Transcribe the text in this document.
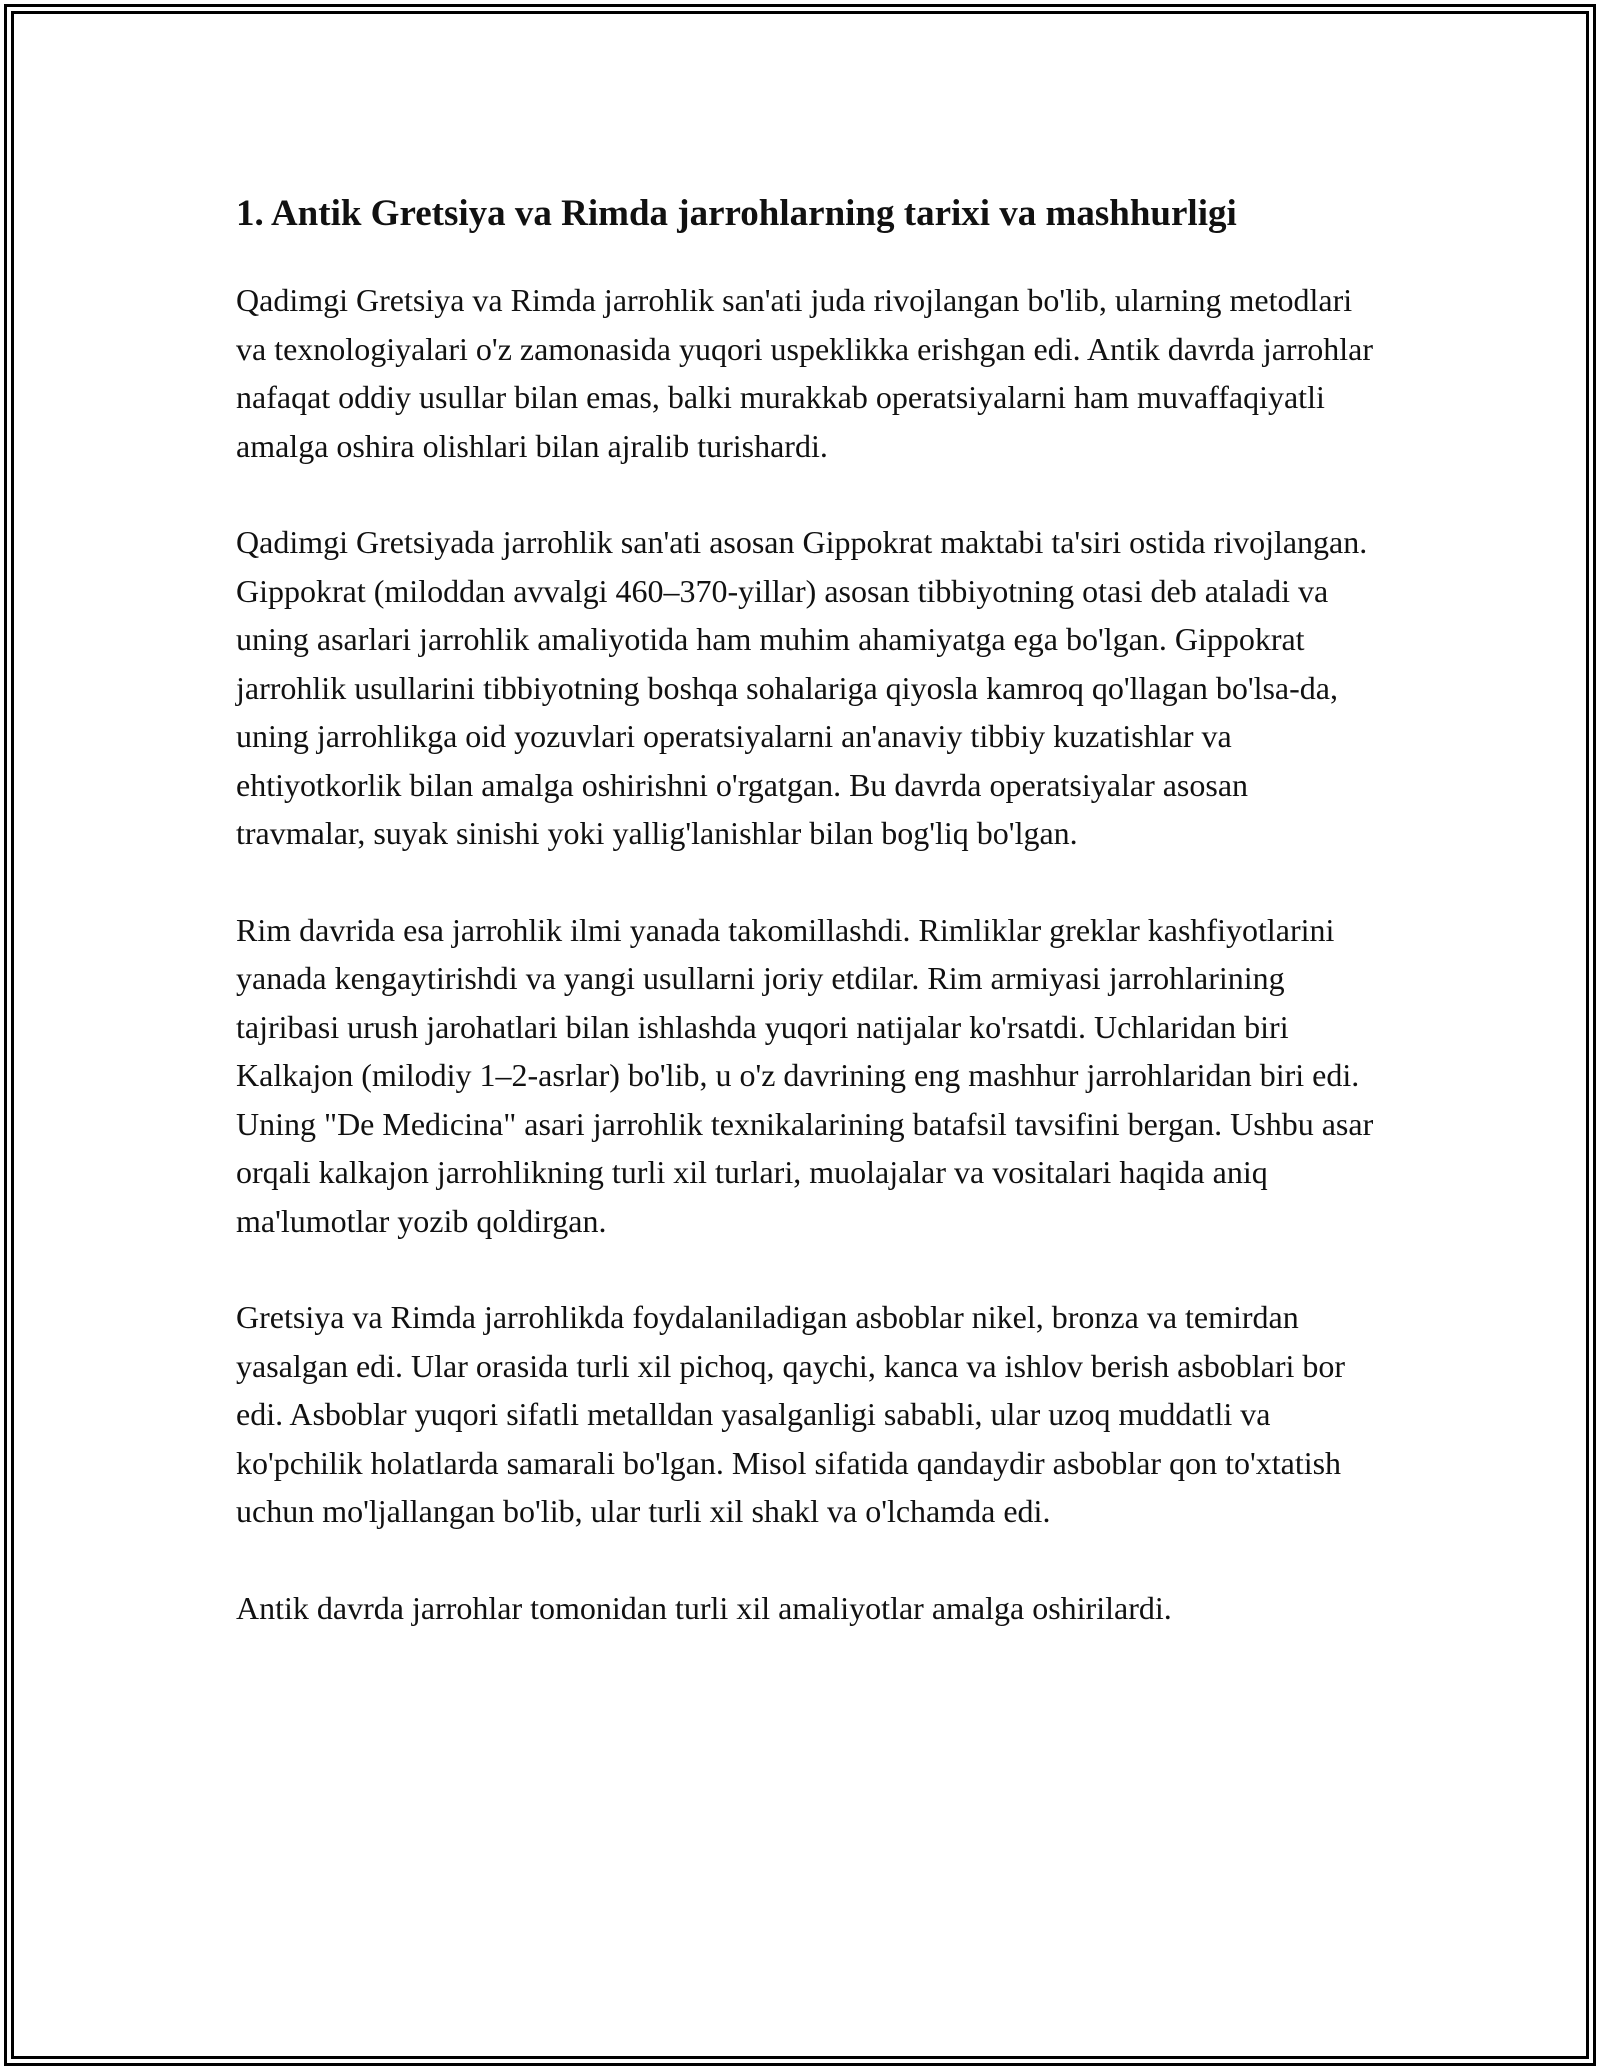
1. Antik Gretsiya va Rimda jarrohlarning tarixi va mashhurligi

Qadimgi Gretsiya va Rimda jarrohlik san'ati juda rivojlangan bo'lib, ularning metodlari va texnologiyalari o'z zamonasida yuqori uspeklikka erishgan edi. Antik davrda jarrohlar nafaqat oddiy usullar bilan emas, balki murakkab operatsiyalarni ham muvaffaqiyatli amalga oshira olishlari bilan ajralib turishardi.

Qadimgi Gretsiyada jarrohlik san'ati asosan Gippokrat maktabi ta'siri ostida rivojlangan. Gippokrat (miloddan avvalgi 460–370-yillar) asosan tibbiyotning otasi deb ataladi va uning asarlari jarrohlik amaliyotida ham muhim ahamiyatga ega bo'lgan. Gippokrat jarrohlik usullarini tibbiyotning boshqa sohalariga qiyosla kamroq qo'llagan bo'lsa-da, uning jarrohlikga oid yozuvlari operatsiyalarni an'anaviy tibbiy kuzatishlar va ehtiyotkorlik bilan amalga oshirishni o'rgatgan. Bu davrda operatsiyalar asosan travmalar, suyak sinishi yoki yallig'lanishlar bilan bog'liq bo'lgan.

Rim davrida esa jarrohlik ilmi yanada takomillashdi. Rimliklar greklar kashfiyotlarini yanada kengaytirishdi va yangi usullarni joriy etdilar. Rim armiyasi jarrohlarining tajribasi urush jarohatlari bilan ishlashda yuqori natijalar ko'rsatdi. Uchlaridan biri Kalkajon (milodiy 1–2-asrlar) bo'lib, u o'z davrining eng mashhur jarrohlaridan biri edi. Uning "De Medicina" asari jarrohlik texnikalarining batafsil tavsifini bergan. Ushbu asar orqali kalkajon jarrohlikning turli xil turlari, muolajalar va vositalari haqida aniq ma'lumotlar yozib qoldirgan.

Gretsiya va Rimda jarrohlikda foydalaniladigan asboblar nikel, bronza va temirdan yasalgan edi. Ular orasida turli xil pichoq, qaychi, kanca va ishlov berish asboblari bor edi. Asboblar yuqori sifatli metalldan yasalganligi sababli, ular uzoq muddatli va ko'pchilik holatlarda samarali bo'lgan. Misol sifatida qandaydir asboblar qon to'xtatish uchun mo'ljallangan bo'lib, ular turli xil shakl va o'lchamda edi.

Antik davrda jarrohlar tomonidan turli xil amaliyotlar amalga oshirilardi.
